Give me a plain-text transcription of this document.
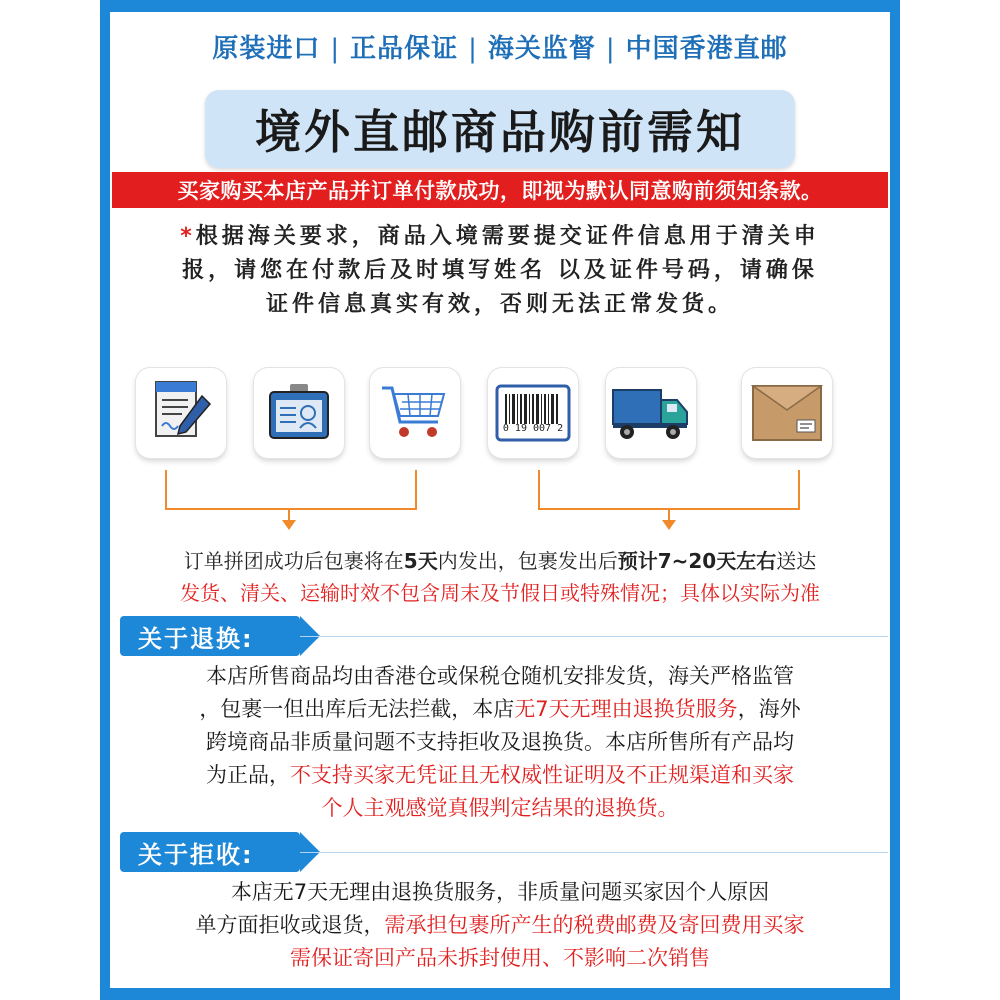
原装进口 | 正品保证 | 海关监督 | 中国香港直邮
境外直邮商品购前需知
买家购买本店产品并订单付款成功，即视为默认同意购前须知条款。
*根据海关要求，商品入境需要提交证件信息用于清关申
报，请您在付款后及时填写姓名 以及证件号码，请确保
证件信息真实有效，否则无法正常发货。
0 19 007 2
订单拼团成功后包裹将在5天内发出，包裹发出后预计7~20天左右送达
发货、清关、运输时效不包含周末及节假日或特殊情况；具体以实际为准
关于退换:
本店所售商品均由香港仓或保税仓随机安排发货，海关严格监管
，包裹一但出库后无法拦截，本店无7天无理由退换货服务，海外
跨境商品非质量问题不支持拒收及退换货。本店所售所有产品均
为正品，不支持买家无凭证且无权威性证明及不正规渠道和买家
个人主观感觉真假判定结果的退换货。
关于拒收:
本店无7天无理由退换货服务，非质量问题买家因个人原因
单方面拒收或退货，需承担包裹所产生的税费邮费及寄回费用买家
需保证寄回产品未拆封使用、不影响二次销售
